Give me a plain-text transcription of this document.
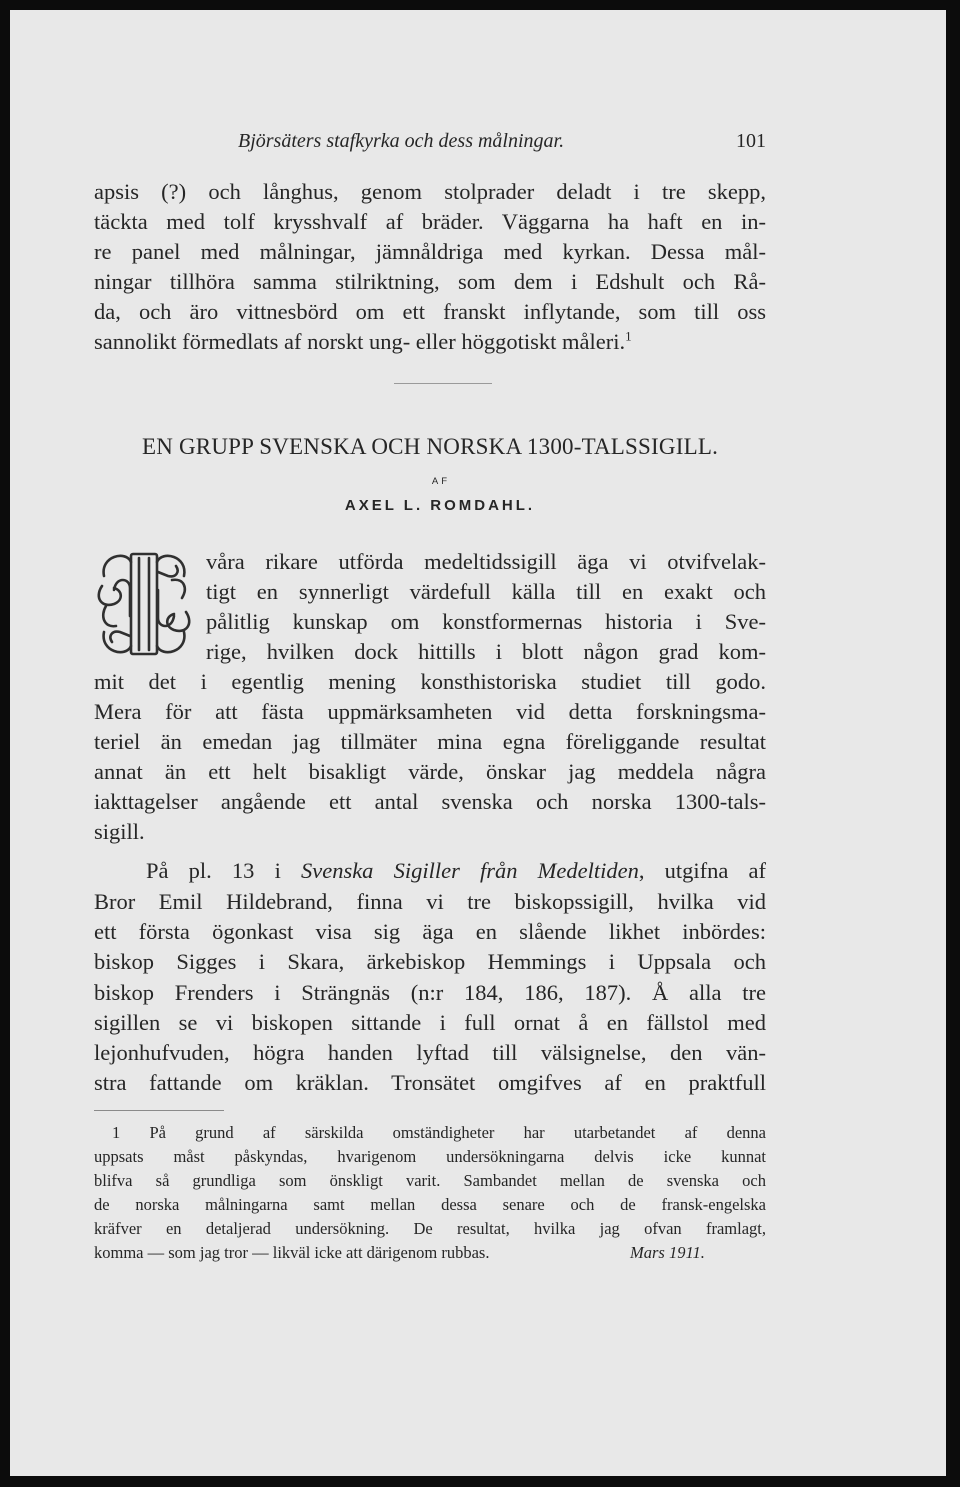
Björsäters stafkyrka och dess målningar.	101
apsis (?) och långhus, genom stolprader deladt i tre skepp,
täckta med tolf krysshvalf af bräder. Väggarna ha haft en in-
re panel med målningar, jämnåldriga med kyrkan. Dessa mål-
ningar tillhöra samma stilriktning, som dem i Edshult och Rå-
da, och äro vittnesbörd om ett franskt inflytande, som till oss
sannolikt förmedlats af norskt ung- eller höggotiskt måleri.$^1$
EN GRUPP SVENSKA OCH NORSKA 1300-TALSSIGILL.
AF
AXEL L. ROMDAHL.
våra rikare utförda medeltidssigill äga vi otvifvelak-
tigt en synnerligt värdefull källa till en exakt och
pålitlig kunskap om konstformernas historia i Sve-
rige, hvilken dock hittills i blott någon grad kom-
mit det i egentlig mening konsthistoriska studiet till godo.
Mera för att fästa uppmärksamheten vid detta forskningsma-
teriel än emedan jag tillmäter mina egna föreliggande resultat
annat än ett helt bisakligt värde, önskar jag meddela några
iakttagelser angående ett antal svenska och norska 1300-tals-
sigill.
På pl. 13 i Svenska Sigiller från Medeltiden, utgifna af
Bror Emil Hildebrand, finna vi tre biskopssigill, hvilka vid
ett första ögonkast visa sig äga en slående likhet inbördes:
biskop Sigges i Skara, ärkebiskop Hemmings i Uppsala och
biskop Frenders i Strängnäs (n:r 184, 186, 187). Å alla tre
sigillen se vi biskopen sittande i full ornat å en fällstol med
lejonhufvuden, högra handen lyftad till välsignelse, den vän-
stra fattande om kräklan. Tronsätet omgifves af en praktfull
1 På grund af särskilda omständigheter har utarbetandet af denna
uppsats måst påskyndas, hvarigenom undersökningarna delvis icke kunnat
blifva så grundliga som önskligt varit. Sambandet mellan de svenska och
de norska målningarna samt mellan dessa senare och de fransk-engelska
kräfver en detaljerad undersökning. De resultat, hvilka jag ofvan framlagt,
komma — som jag tror — likväl icke att därigenom rubbas.	Mars 1911.
